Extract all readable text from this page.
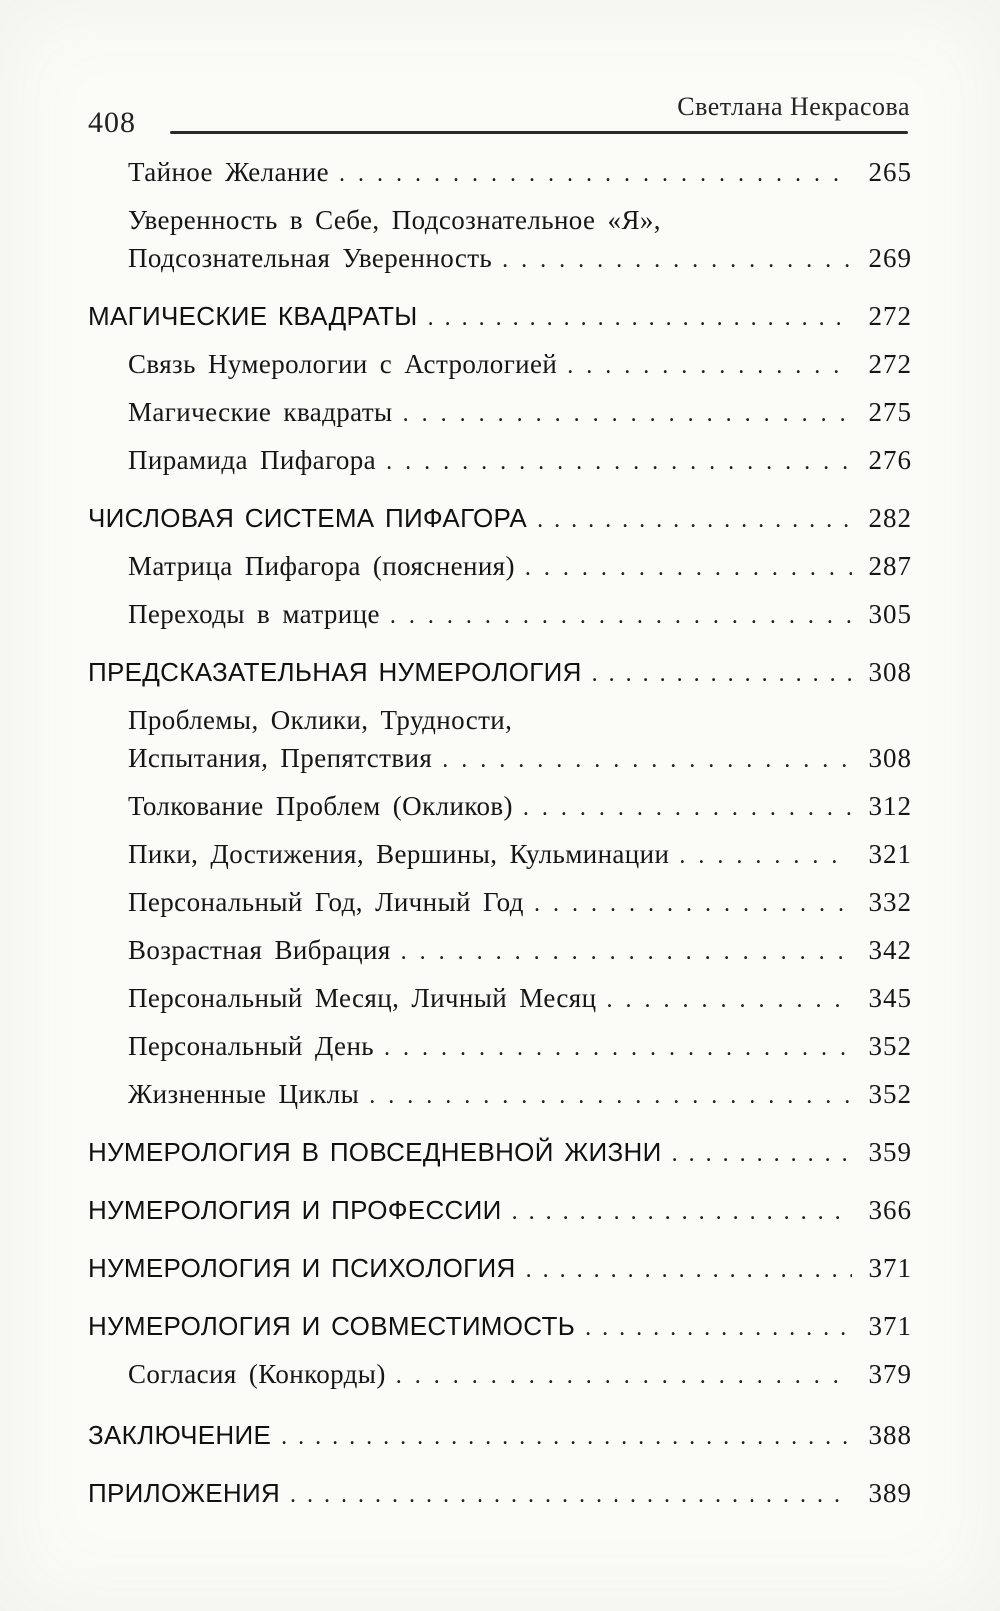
408	Светлана Некрасова
Тайное Желание . . .	265
Уверенность в Себе, Подсознательное «Я»,
Подсознательная Уверенность . . .	269
МАГИЧЕСКИЕ КВАДРАТЫ . . .	272
Связь Нумерологии с Астрологией . . .	272
Магические квадраты . . .	275
Пирамида Пифагора . . .	276
ЧИСЛОВАЯ СИСТЕМА ПИФАГОРА . . .	282
Матрица Пифагора (пояснения) . . .	287
Переходы в матрице . . .	305
ПРЕДСКАЗАТЕЛЬНАЯ НУМЕРОЛОГИЯ . . .	308
Проблемы, Оклики, Трудности,
Испытания, Препятствия . . .	308
Толкование Проблем (Окликов) . . .	312
Пики, Достижения, Вершины, Кульминации . . .	321
Персональный Год, Личный Год . . .	332
Возрастная Вибрация . . .	342
Персональный Месяц, Личный Месяц . . .	345
Персональный День . . .	352
Жизненные Циклы . . .	352
НУМЕРОЛОГИЯ В ПОВСЕДНЕВНОЙ ЖИЗНИ . . .	359
НУМЕРОЛОГИЯ И ПРОФЕССИИ . . .	366
НУМЕРОЛОГИЯ И ПСИХОЛОГИЯ . . .	371
НУМЕРОЛОГИЯ И СОВМЕСТИМОСТЬ . . .	371
Согласия (Конкорды) . . .	379
ЗАКЛЮЧЕНИЕ . . .	388
ПРИЛОЖЕНИЯ . . .	389
